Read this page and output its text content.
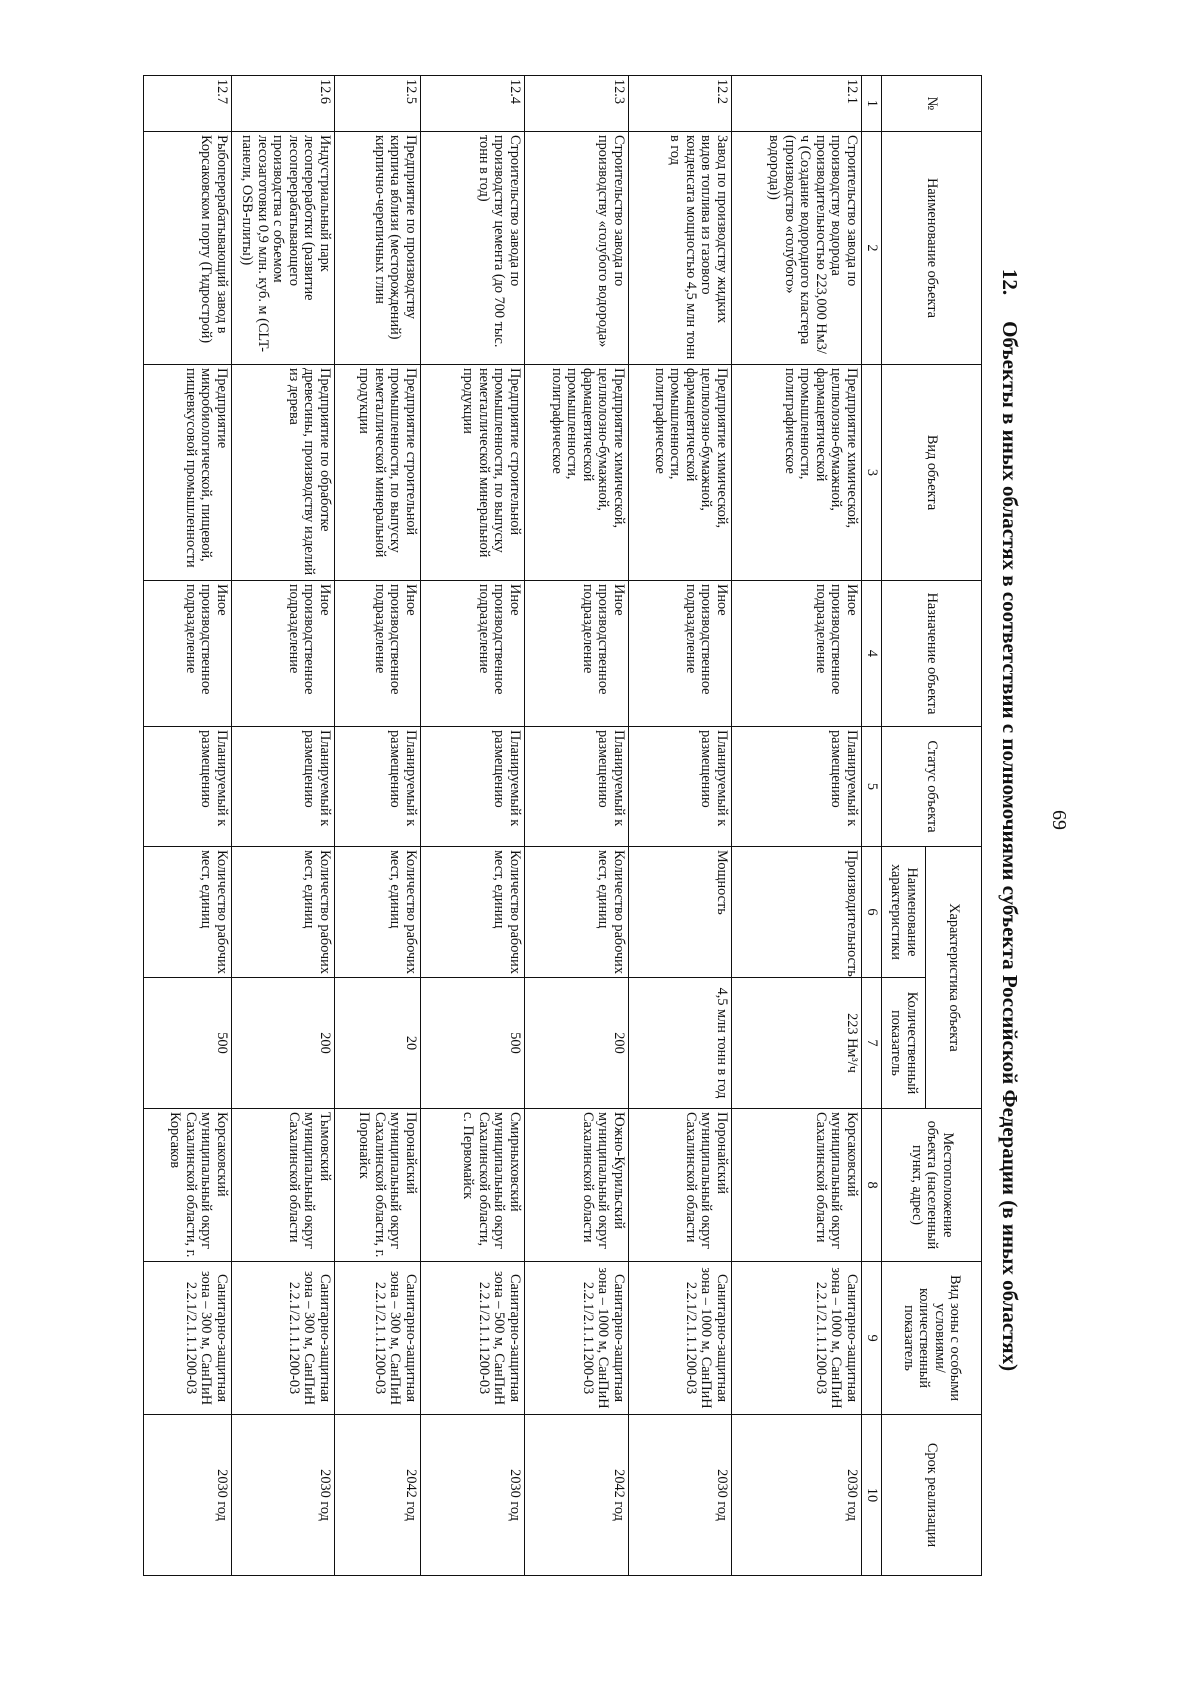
69
12.Объекты в иных областях в соответствии с полномочиями субъекта Российской Федерации (в иных областях)
№	Наименование объекта	Вид объекта	Назначение объекта	Статус объекта	Характеристика объекта		Местоположение объекта (населенный пункт, адрес)	Вид зоны с особыми условиями/ количественный показатель	Срок реализации
					Наименование характеристики	Количественный показатель			
1	2	3	4	5	6	7	8	9	10
12.1	Строительство завода по производству водорода производительностью 223,000 Нм3/ч (Создание водородного кластера (производство «голубого» водорода))	Предприятие химической, целлюлозно-бумажной, фармацевтической промышленности, полиграфическое	Иное производственное подразделение	Планируемый к размещению	Производительность	223 Нм³/ч	Корсаковский муниципальный округ Сахалинской области	Санитарно-защитная зона – 1000 м, СанПиН 2.2.1/2.1.1.1200-03	2030 год
12.2	Завод по производству жидких видов топлива из газового конденсата мощностью 4,5 млн тонн в год	Предприятие химической, целлюлозно-бумажной, фармацевтической промышленности, полиграфическое	Иное производственное подразделение	Планируемый к размещению	Мощность	4,5 млн тонн в год	Поронайский муниципальный округ Сахалинской области	Санитарно-защитная зона – 1000 м, СанПиН 2.2.1/2.1.1.1200-03	2030 год
12.3	Строительство завода по производству «голубого водорода»	Предприятие химической, целлюлозно-бумажной, фармацевтической промышленности, полиграфическое	Иное производственное подразделение	Планируемый к размещению	Количество рабочих мест, единиц	200	Южно-Курильский муниципальный округ Сахалинской области	Санитарно-защитная зона – 1000 м, СанПиН 2.2.1/2.1.1.1200-03	2042 год
12.4	Строительство завода по производству цемента (до 700 тыс. тонн в год)	Предприятие строительной промышленности, по выпуску неметаллической минеральной продукции	Иное производственное подразделение	Планируемый к размещению	Количество рабочих мест, единиц	500	Смирныховский муниципальный округ Сахалинской области, с. Первомайск	Санитарно-защитная зона – 500 м, СанПиН 2.2.1/2.1.1.1200-03	2030 год
12.5	Предприятие по производству кирпича вблизи (месторождений) кирпично-черепичных глин	Предприятие строительной промышленности, по выпуску неметаллической минеральной продукции	Иное производственное подразделение	Планируемый к размещению	Количество рабочих мест, единиц	20	Поронайский муниципальный округ Сахалинской области, г. Поронайск	Санитарно-защитная зона – 300 м, СанПиН 2.2.1/2.1.1.1200-03	2042 год
12.6	Индустриальный парк лесопереработки (развитие лесоперерабатывающего производства с объемом лесозаготовки 0,9 млн. куб. м (CLT-панели, OSB-плиты))	Предприятие по обработке древесины, производству изделий из дерева	Иное производственное подразделение	Планируемый к размещению	Количество рабочих мест, единиц	200	Тымовский муниципальный округ Сахалинской области	Санитарно-защитная зона – 300 м, СанПиН 2.2.1/2.1.1.1200-03	2030 год
12.7	Рыбоперерабатывающий завод в Корсаковском порту (Гидрострой)	Предприятие микробиологической, пищевой, пищевкусовой промышленности	Иное производственное подразделение	Планируемый к размещению	Количество рабочих мест, единиц	500	Корсаковский муниципальный округ Сахалинской области, г. Корсаков	Санитарно-защитная зона – 300 м, СанПиН 2.2.1/2.1.1.1200-03	2030 год
